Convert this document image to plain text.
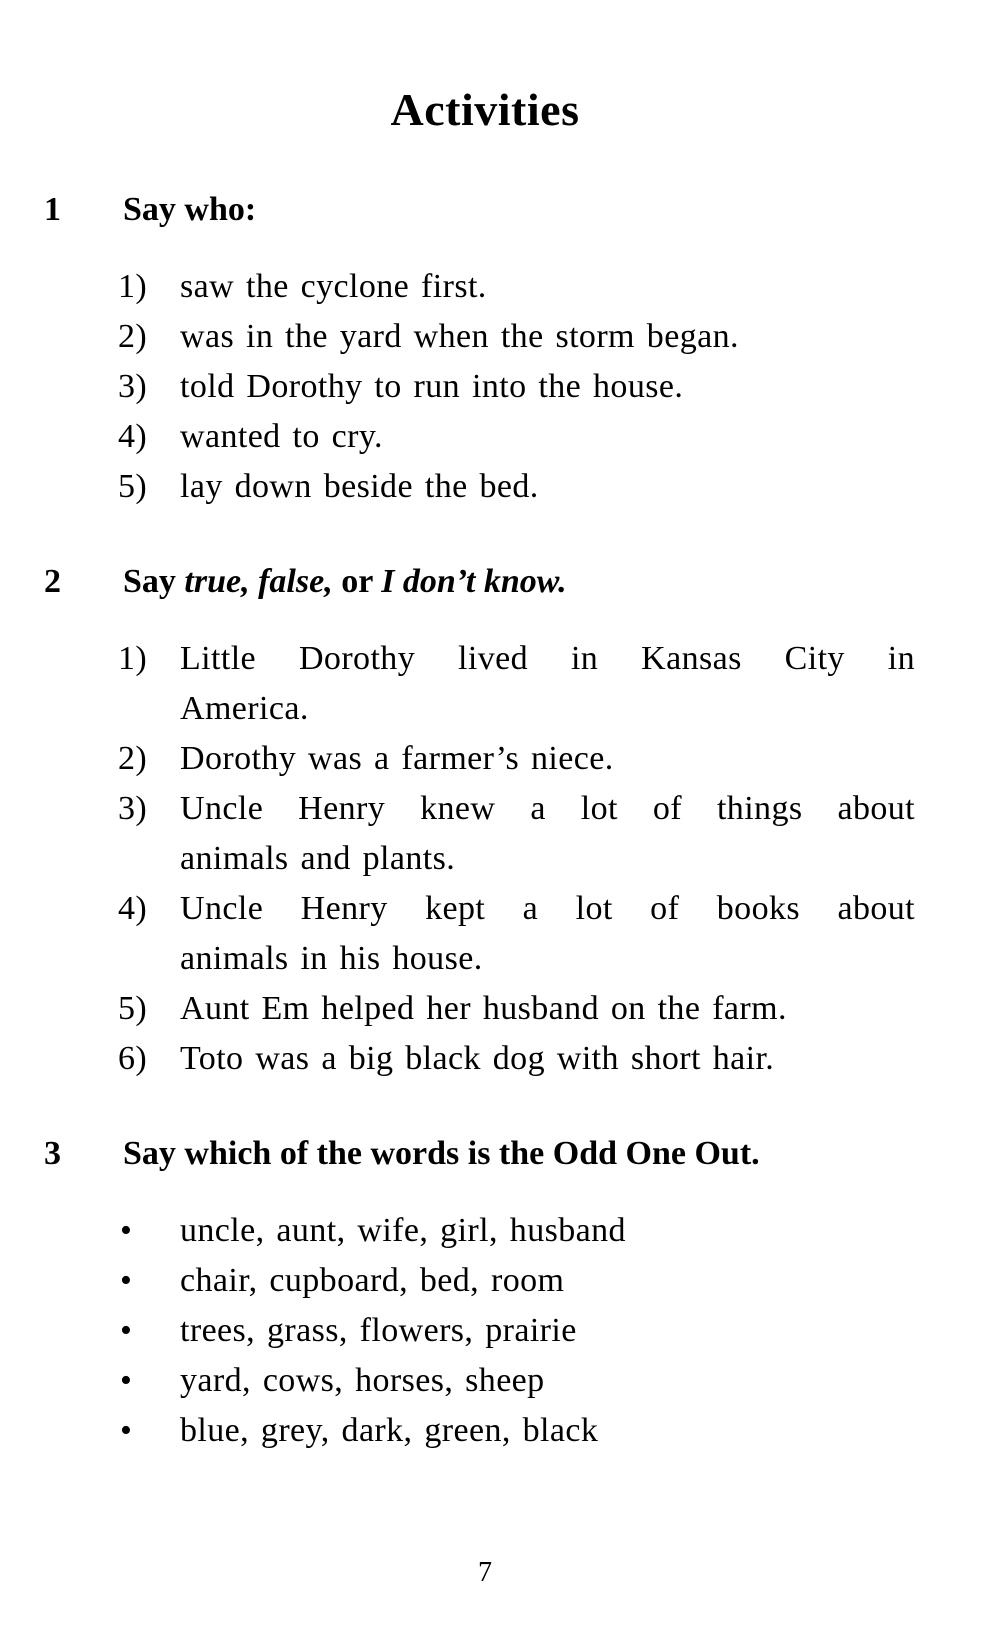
Activities
1 Say who:
1) saw the cyclone first.
2) was in the yard when the storm began.
3) told Dorothy to run into the house.
4) wanted to cry.
5) lay down beside the bed.
2 Say true, false, or I don’t know.
1) Little Dorothy lived in Kansas City in
America.
2) Dorothy was a farmer’s niece.
3) Uncle Henry knew a lot of things about
animals and plants.
4) Uncle Henry kept a lot of books about
animals in his house.
5) Aunt Em helped her husband on the farm.
6) Toto was a big black dog with short hair.
3 Say which of the words is the Odd One Out.
• uncle, aunt, wife, girl, husband
• chair, cupboard, bed, room
• trees, grass, flowers, prairie
• yard, cows, horses, sheep
• blue, grey, dark, green, black
7
